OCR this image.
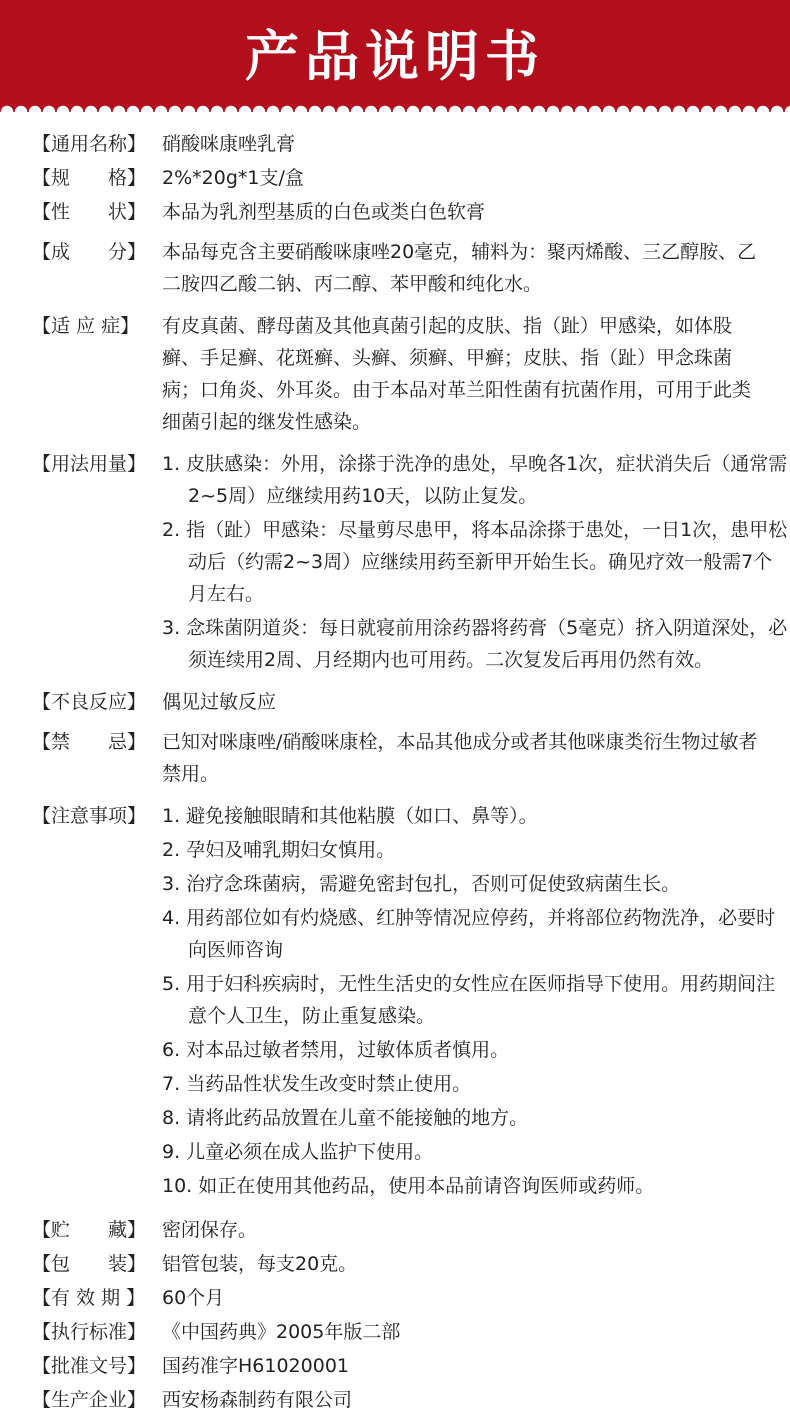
产品说明书
【通用名称】 硝酸咪康唑乳膏
【规　　格】 2%*20g*1支/盒
【性　　状】 本品为乳剂型基质的白色或类白色软膏
【成　　分】 本品每克含主要硝酸咪康唑20毫克，辅料为：聚丙烯酸、三乙醇胺、乙二胺四乙酸二钠、丙二醇、苯甲酸和纯化水。
【适 应 症】	有皮真菌、酵母菌及其他真菌引起的皮肤、指（趾）甲感染，如体股癣、手足癣、花斑癣、头癣、须癣、甲癣；皮肤、指（趾）甲念珠菌病；口角炎、外耳炎。由于本品对革兰阳性菌有抗菌作用，可用于此类细菌引起的继发性感染。
【用法用量】 1. 皮肤感染：外用，涂搽于洗净的患处，早晚各1次，症状消失后（通常需2~5周）应继续用药10天，以防止复发。
2. 指（趾）甲感染：尽量剪尽患甲，将本品涂搽于患处，一日1次，患甲松动后（约需2~3周）应继续用药至新甲开始生长。确见疗效一般需7个月左右。
3. 念珠菌阴道炎：每日就寝前用涂药器将药膏（5毫克）挤入阴道深处，必须连续用2周、月经期内也可用药。二次复发后再用仍然有效。
【不良反应】 偶见过敏反应
【禁　　忌】 已知对咪康唑/硝酸咪康栓，本品其他成分或者其他咪康类衍生物过敏者禁用。
【注意事项】 1. 避免接触眼睛和其他粘膜（如口、鼻等）。
2. 孕妇及哺乳期妇女慎用。
3. 治疗念珠菌病，需避免密封包扎，否则可促使致病菌生长。
4. 用药部位如有灼烧感、红肿等情况应停药，并将部位药物洗净，必要时向医师咨询
5. 用于妇科疾病时，无性生活史的女性应在医师指导下使用。用药期间注意个人卫生，防止重复感染。
6. 对本品过敏者禁用，过敏体质者慎用。
7. 当药品性状发生改变时禁止使用。
8. 请将此药品放置在儿童不能接触的地方。
9. 儿童必须在成人监护下使用。
10. 如正在使用其他药品，使用本品前请咨询医师或药师。
【贮　　藏】 密闭保存。
【包　　装】 铝管包装，每支20克。
【有 效 期 】 60个月
【执行标准】 《中国药典》2005年版二部
【批准文号】 国药准字H61020001
【生产企业】 西安杨森制药有限公司
